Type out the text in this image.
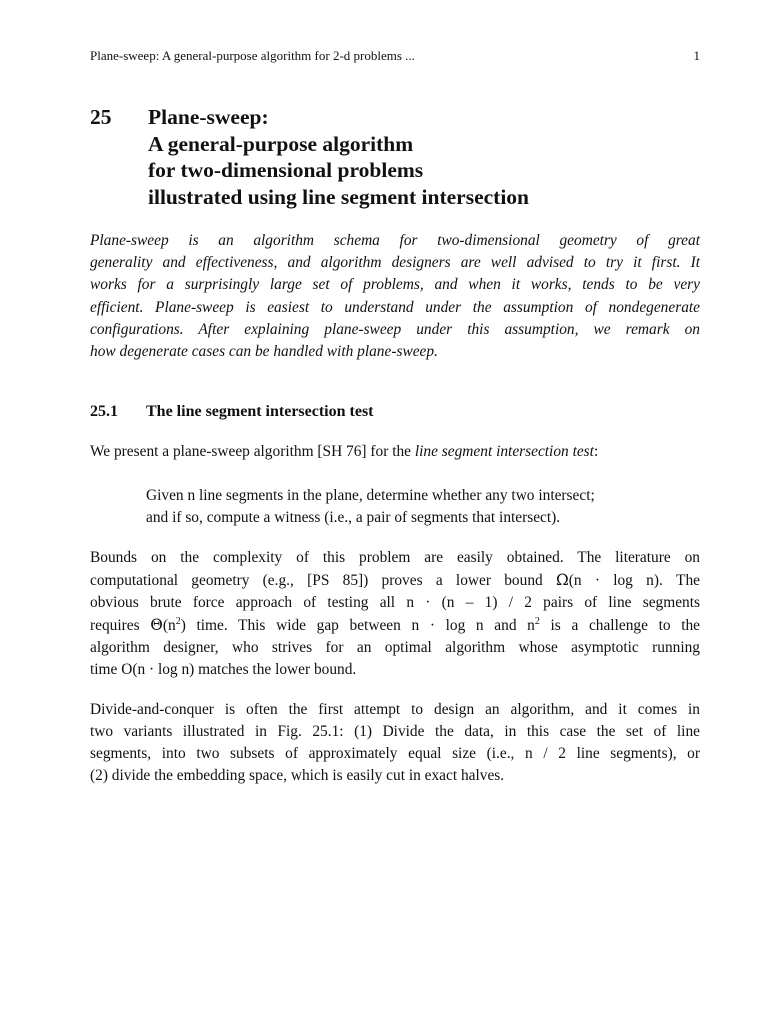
Plane-sweep: A general-purpose algorithm for 2-d problems ...	1
25 Plane-sweep:
A general-purpose algorithm
for two-dimensional problems
illustrated using line segment intersection
Plane-sweep is an algorithm schema for two-dimensional geometry of great
generality and effectiveness, and algorithm designers are well advised to try it first. It
works for a surprisingly large set of problems, and when it works, tends to be very
efficient. Plane-sweep is easiest to understand under the assumption of nondegenerate
configurations. After explaining plane-sweep under this assumption, we remark on
how degenerate cases can be handled with plane-sweep.
25.1 The line segment intersection test
We present a plane-sweep algorithm [SH 76] for the line segment intersection test:
Given n line segments in the plane, determine whether any two intersect;
and if so, compute a witness (i.e., a pair of segments that intersect).
Bounds on the complexity of this problem are easily obtained. The literature on
computational geometry (e.g., [PS 85]) proves a lower bound Ω(n · log n). The
obvious brute force approach of testing all n · (n – 1) / 2 pairs of line segments
requires $\Theta(n^2)$ time. This wide gap between n · log n and $n^2$ is a challenge to the
algorithm designer, who strives for an optimal algorithm whose asymptotic running
time O(n · log n) matches the lower bound.
Divide-and-conquer is often the first attempt to design an algorithm, and it comes in
two variants illustrated in Fig. 25.1: (1) Divide the data, in this case the set of line
segments, into two subsets of approximately equal size (i.e., n / 2 line segments), or
(2) divide the embedding space, which is easily cut in exact halves.
